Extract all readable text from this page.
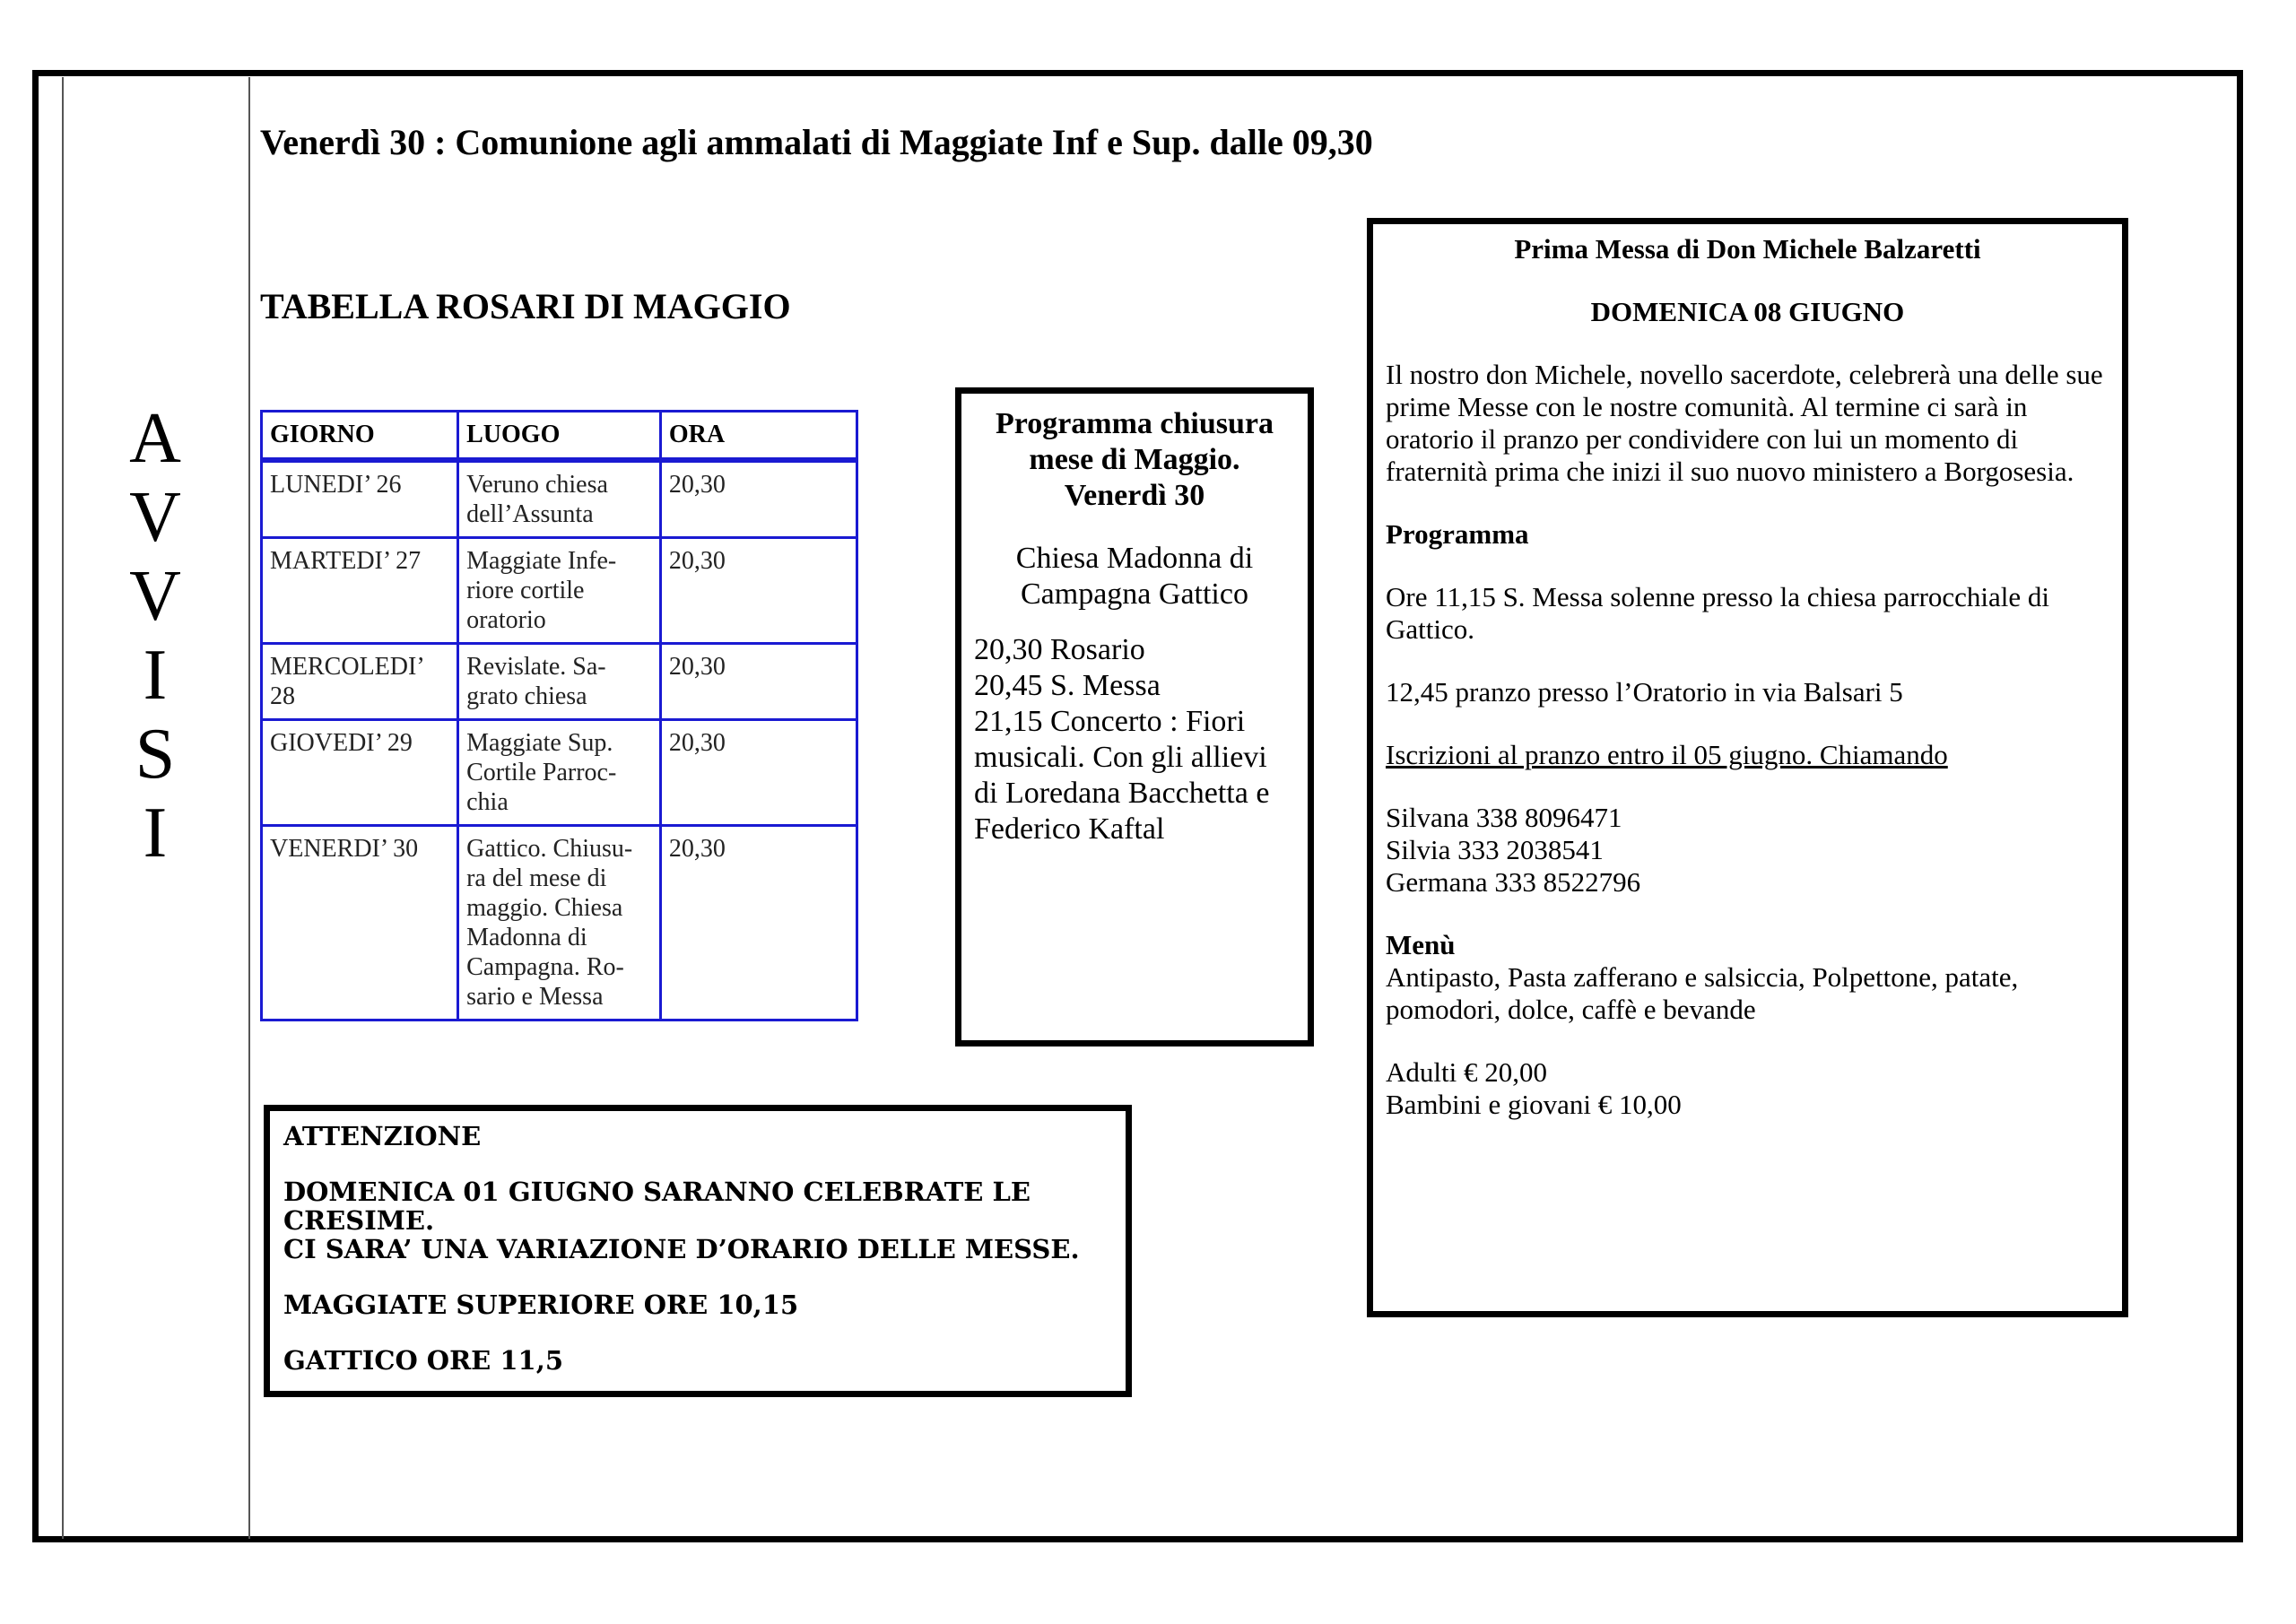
A
V
V
I
S
I
Venerdì 30 : Comunione agli ammalati di Maggiate Inf e Sup. dalle 09,30
TABELLA ROSARI DI MAGGIO
GIORNO	LUOGO	ORA
LUNEDI’ 26	Veruno chiesa dell’Assunta	20,30
MARTEDI’ 27	Maggiate Infe-riore cortile oratorio	20,30
MERCOLEDI’ 28	Revislate. Sa-grato chiesa	20,30
GIOVEDI’ 29	Maggiate Sup. Cortile Parroc-chia	20,30
VENERDI’ 30	Gattico. Chiusu-ra del mese di maggio. Chiesa Madonna di Campagna. Ro-sario e Messa	20,30
Programma chiusura
mese di Maggio.
Venerdì 30
Chiesa Madonna di
Campagna Gattico
20,30 Rosario
20,45 S. Messa
21,15 Concerto : Fiori musicali. Con gli allievi di Loredana Bacchetta e Federico Kaftal

ATTENZIONE

DOMENICA 01 GIUGNO SARANNO CELEBRATE LE CRESIME.

CI SARA’ UNA VARIAZIONE D’ORARIO DELLE MESSE.

MAGGIATE SUPERIORE ORE 10,15

GATTICO ORE 11,5

Prima Messa di Don Michele Balzaretti
DOMENICA 08 GIUGNO
Il nostro don Michele, novello sacerdote, celebrerà una delle sue prime Messe con le nostre comunità. Al termine ci sarà in oratorio il pranzo per condividere con lui un momento di fraternità prima che inizi il suo nuovo ministero a Borgosesia.
Programma
Ore 11,15 S. Messa solenne presso la chiesa parrocchiale di Gattico.
12,45 pranzo presso l’Oratorio in via Balsari 5
Iscrizioni al pranzo entro il 05 giugno. Chiamando
Silvana 338 8096471
Silvia 333 2038541
Germana 333 8522796
Menù
Antipasto, Pasta zafferano e salsiccia, Polpettone, patate, pomodori, dolce, caffè e bevande
Adulti € 20,00
Bambini e giovani € 10,00
